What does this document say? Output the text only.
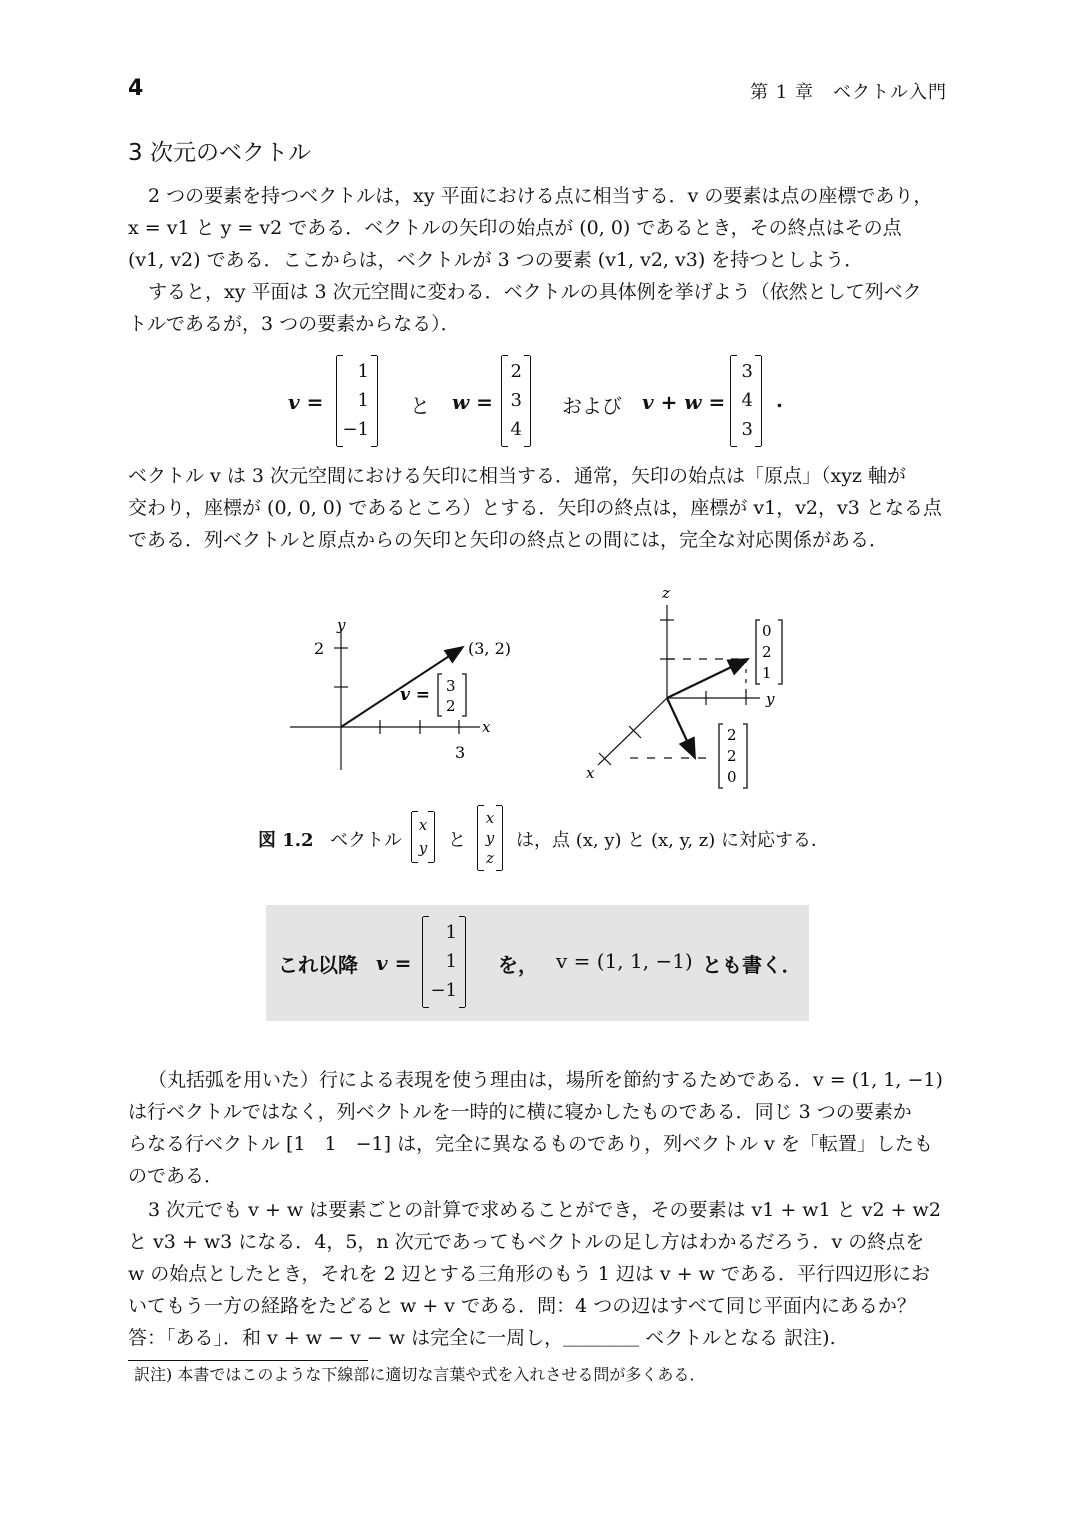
4	第 1 章　ベクトル入門
3 次元のベクトル
2 つの要素を持つベクトルは，xy 平面における点に相当する．v の要素は点の座標であり，
x = v1 と y = v2 である．ベクトルの矢印の始点が (0, 0) であるとき，その終点はその点
(v1, v2) である．ここからは，ベクトルが 3 つの要素 (v1, v2, v3) を持つとしよう．
すると，xy 平面は 3 次元空間に変わる．ベクトルの具体例を挙げよう（依然として列ベク
トルであるが，3 つの要素からなる）．
v =
1
1
−1
と w =
2
3
4
および v + w =
3
4
3
.
ベクトル v は 3 次元空間における矢印に相当する．通常，矢印の始点は「原点」（xyz 軸が
交わり，座標が (0, 0, 0) であるところ）とする．矢印の終点は，座標が v1，v2，v3 となる点
である．列ベクトルと原点からの矢印と矢印の終点との間には，完全な対応関係がある．
y
x
2
3
(3, 2)
v = 3
2
z
y
x
0
2
1
2
2
0
図 1.2 ベクトル
x
y と
x
y
z
は，点 (x, y) と (x, y, z) に対応する．
これ以降 v =
1
1
−1
を， v = (1, 1, −1) とも書く．
（丸括弧を用いた）行による表現を使う理由は，場所を節約するためである．v = (1, 1, −1)
は行ベクトルではなく，列ベクトルを一時的に横に寝かしたものである．同じ 3 つの要素か
らなる行ベクトル [1　1　−1] は，完全に異なるものであり，列ベクトル v を「転置」したも
のである．
3 次元でも v + w は要素ごとの計算で求めることができ，その要素は v1 + w1 と v2 + w2
と v3 + w3 になる．4，5，n 次元であってもベクトルの足し方はわかるだろう．v の終点を
w の始点としたとき，それを 2 辺とする三角形のもう 1 辺は v + w である．平行四辺形にお
いてもう一方の経路をたどると w + v である．問：4 つの辺はすべて同じ平面内にあるか？
答：「ある」．和 v + w − v − w は完全に一周し，＿＿＿＿ ベクトルとなる 訳注).
訳注) 本書ではこのような下線部に適切な言葉や式を入れさせる問が多くある．
